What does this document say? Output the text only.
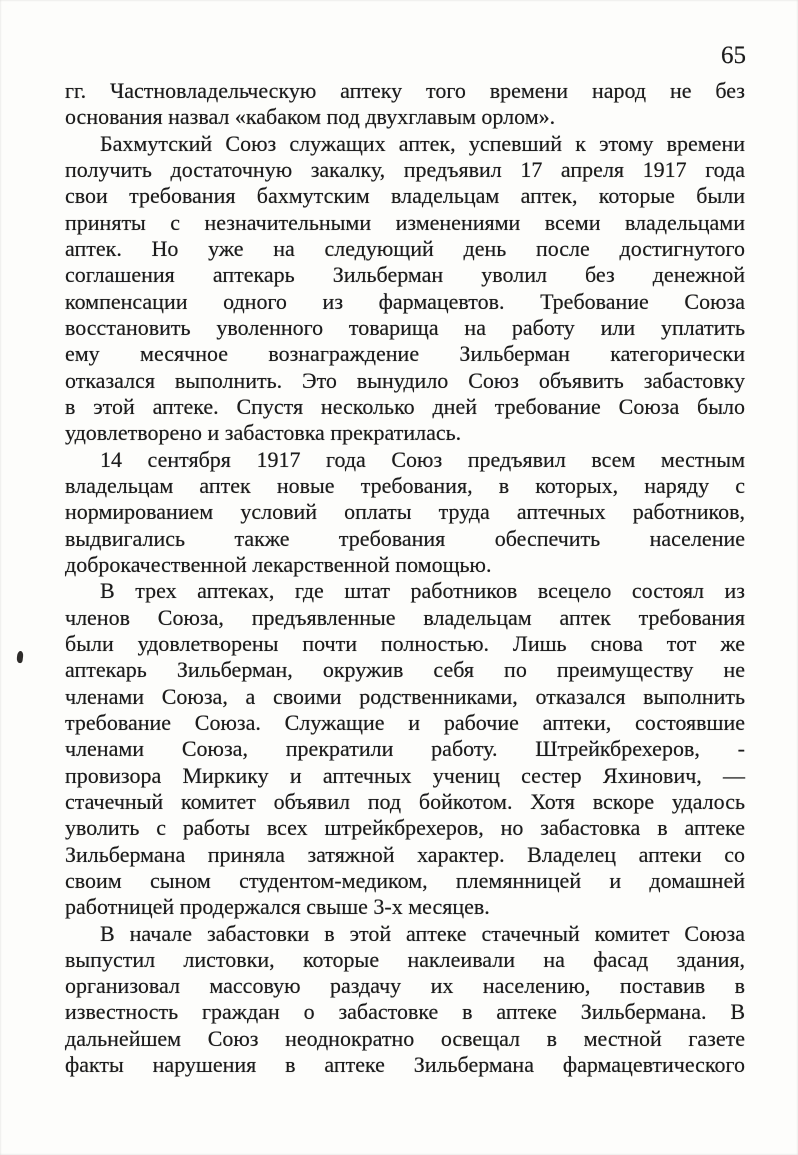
65
гг. Частновладельческую аптеку того времени народ не без
основания назвал «кабаком под двухглавым орлом».
Бахмутский Союз служащих аптек, успевший к этому времени
получить достаточную закалку, предъявил 17 апреля 1917 года
свои требования бахмутским владельцам аптек, которые были
приняты с незначительными изменениями всеми владельцами
аптек. Но уже на следующий день после достигнутого
соглашения аптекарь Зильберман уволил без денежной
компенсации одного из фармацевтов. Требование Союза
восстановить уволенного товарища на работу или уплатить
ему месячное вознаграждение Зильберман категорически
отказался выполнить. Это вынудило Союз объявить забастовку
в этой аптеке. Спустя несколько дней требование Союза было
удовлетворено и забастовка прекратилась.
14 сентября 1917 года Союз предъявил всем местным
владельцам аптек новые требования, в которых, наряду с
нормированием условий оплаты труда аптечных работников,
выдвигались также требования обеспечить население
доброкачественной лекарственной помощью.
В трех аптеках, где штат работников всецело состоял из
членов Союза, предъявленные владельцам аптек требования
были удовлетворены почти полностью. Лишь снова тот же
аптекарь Зильберман, окружив себя по преимуществу не
членами Союза, а своими родственниками, отказался выполнить
требование Союза. Служащие и рабочие аптеки, состоявшие
членами Союза, прекратили работу. Штрейкбрехеров, -
провизора Миркику и аптечных учениц сестер Яхинович, —
стачечный комитет объявил под бойкотом. Хотя вскоре удалось
уволить с работы всех штрейкбрехеров, но забастовка в аптеке
Зильбермана приняла затяжной характер. Владелец аптеки со
своим сыном студентом-медиком, племянницей и домашней
работницей продержался свыше 3-х месяцев.
В начале забастовки в этой аптеке стачечный комитет Союза
выпустил листовки, которые наклеивали на фасад здания,
организовал массовую раздачу их населению, поставив в
известность граждан о забастовке в аптеке Зильбермана. В
дальнейшем Союз неоднократно освещал в местной газете
факты нарушения в аптеке Зильбермана фармацевтического
